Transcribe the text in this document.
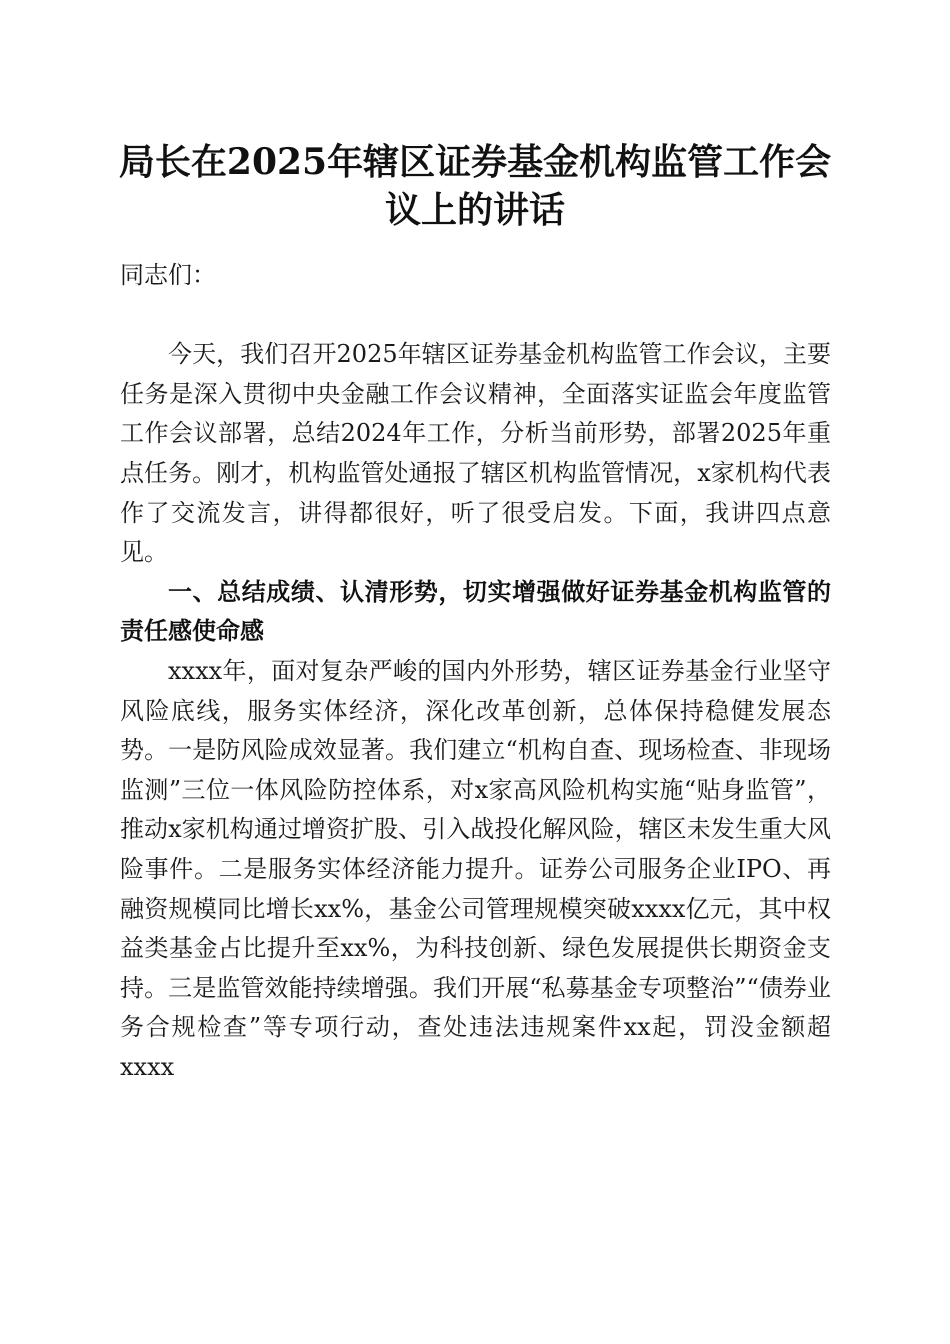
局长在2025年辖区证券基金机构监管工作会
议上的讲话

同志们：

今天，我们召开2025年辖区证券基金机构监管工作会议，主要任务是深入贯彻中央金融工作会议精神，全面落实证监会年度监管工作会议部署，总结2024年工作，分析当前形势，部署2025年重点任务。刚才，机构监管处通报了辖区机构监管情况，x家机构代表作了交流发言，讲得都很好，听了很受启发。下面，我讲四点意见。

一、总结成绩、认清形势，切实增强做好证券基金机构监管的责任感使命感

xxxx年，面对复杂严峻的国内外形势，辖区证券基金行业坚守风险底线，服务实体经济，深化改革创新，总体保持稳健发展态势。一是防风险成效显著。我们建立“机构自查、现场检查、非现场监测”三位一体风险防控体系，对x家高风险机构实施“贴身监管”，推动x家机构通过增资扩股、引入战投化解风险，辖区未发生重大风险事件。二是服务实体经济能力提升。证券公司服务企业IPO、再融资规模同比增长xx%，基金公司管理规模突破xxxx亿元，其中权益类基金占比提升至xx%，为科技创新、绿色发展提供长期资金支持。三是监管效能持续增强。我们开展“私募基金专项整治”“债券业务合规检查”等专项行动，查处违法违规案件xx起，罚没金额超xxxx
